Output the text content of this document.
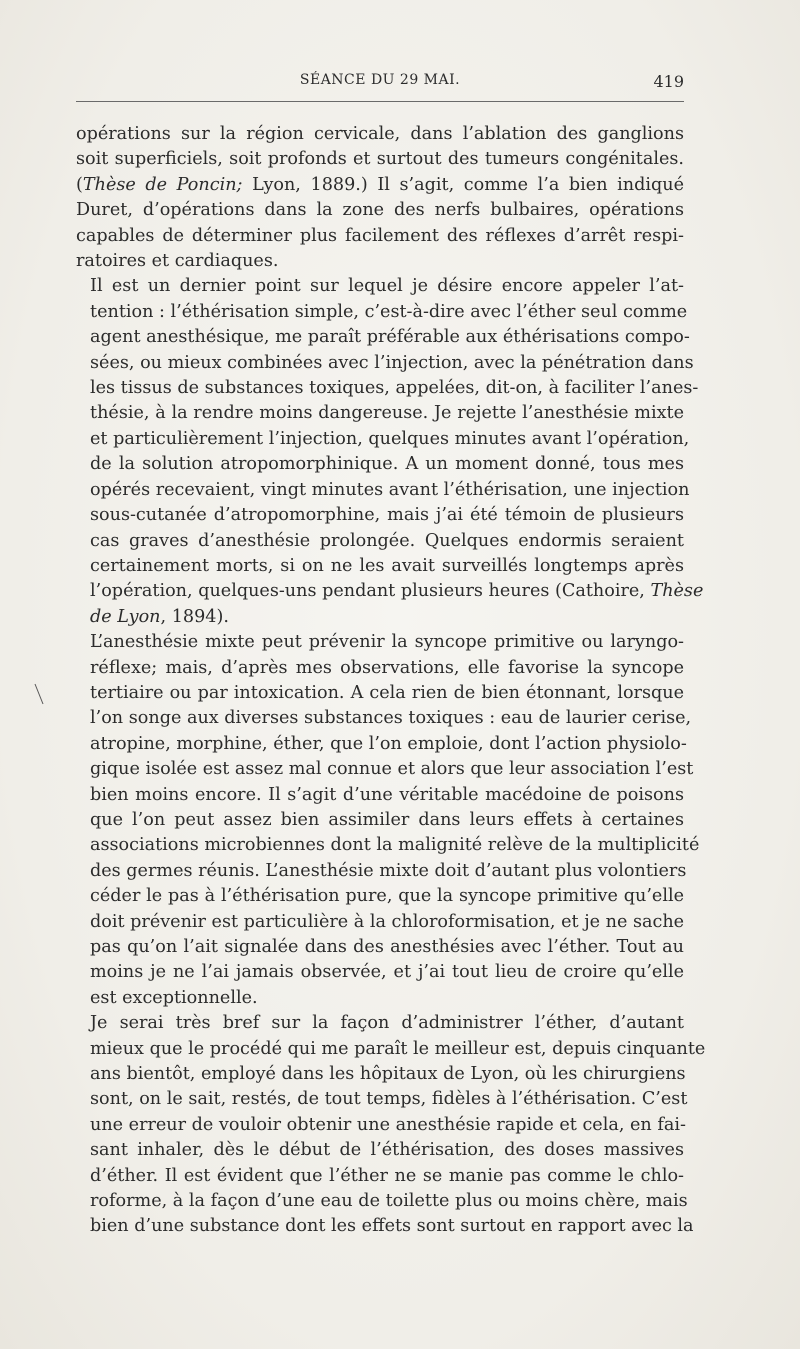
SÉANCE DU 29 MAI.	419

opérations sur la région cervicale, dans l’ablation des ganglions
soit superficiels, soit profonds et surtout des tumeurs congénitales.
(Thèse de Poncin; Lyon, 1889.) Il s’agit, comme l’a bien indiqué
Duret, d’opérations dans la zone des nerfs bulbaires, opérations
capables de déterminer plus facilement des réflexes d’arrêt respi-
ratoires et cardiaques.

Il est un dernier point sur lequel je désire encore appeler l’at-
tention : l’éthérisation simple, c’est-à-dire avec l’éther seul comme
agent anesthésique, me paraît préférable aux éthérisations compo-
sées, ou mieux combinées avec l’injection, avec la pénétration dans
les tissus de substances toxiques, appelées, dit-on, à faciliter l’anes-
thésie, à la rendre moins dangereuse. Je rejette l’anesthésie mixte
et particulièrement l’injection, quelques minutes avant l’opération,
de la solution atropomorphinique. A un moment donné, tous mes
opérés recevaient, vingt minutes avant l’éthérisation, une injection
sous-cutanée d’atropomorphine, mais j’ai été témoin de plusieurs
cas graves d’anesthésie prolongée. Quelques endormis seraient
certainement morts, si on ne les avait surveillés longtemps après
l’opération, quelques-uns pendant plusieurs heures (Cathoire, Thèse
de Lyon, 1894).

L’anesthésie mixte peut prévenir la syncope primitive ou laryngo-
réflexe; mais, d’après mes observations, elle favorise la syncope
tertiaire ou par intoxication. A cela rien de bien étonnant, lorsque
l’on songe aux diverses substances toxiques : eau de laurier cerise,
atropine, morphine, éther, que l’on emploie, dont l’action physiolo-
gique isolée est assez mal connue et alors que leur association l’est
bien moins encore. Il s’agit d’une véritable macédoine de poisons
que l’on peut assez bien assimiler dans leurs effets à certaines
associations microbiennes dont la malignité relève de la multiplicité
des germes réunis. L’anesthésie mixte doit d’autant plus volontiers
céder le pas à l’éthérisation pure, que la syncope primitive qu’elle
doit prévenir est particulière à la chloroformisation, et je ne sache
pas qu’on l’ait signalée dans des anesthésies avec l’éther. Tout au
moins je ne l’ai jamais observée, et j’ai tout lieu de croire qu’elle
est exceptionnelle.

Je serai très bref sur la façon d’administrer l’éther, d’autant
mieux que le procédé qui me paraît le meilleur est, depuis cinquante
ans bientôt, employé dans les hôpitaux de Lyon, où les chirurgiens
sont, on le sait, restés, de tout temps, fidèles à l’éthérisation. C’est
une erreur de vouloir obtenir une anesthésie rapide et cela, en fai-
sant inhaler, dès le début de l’éthérisation, des doses massives
d’éther. Il est évident que l’éther ne se manie pas comme le chlo-
roforme, à la façon d’une eau de toilette plus ou moins chère, mais
bien d’une substance dont les effets sont surtout en rapport avec la
